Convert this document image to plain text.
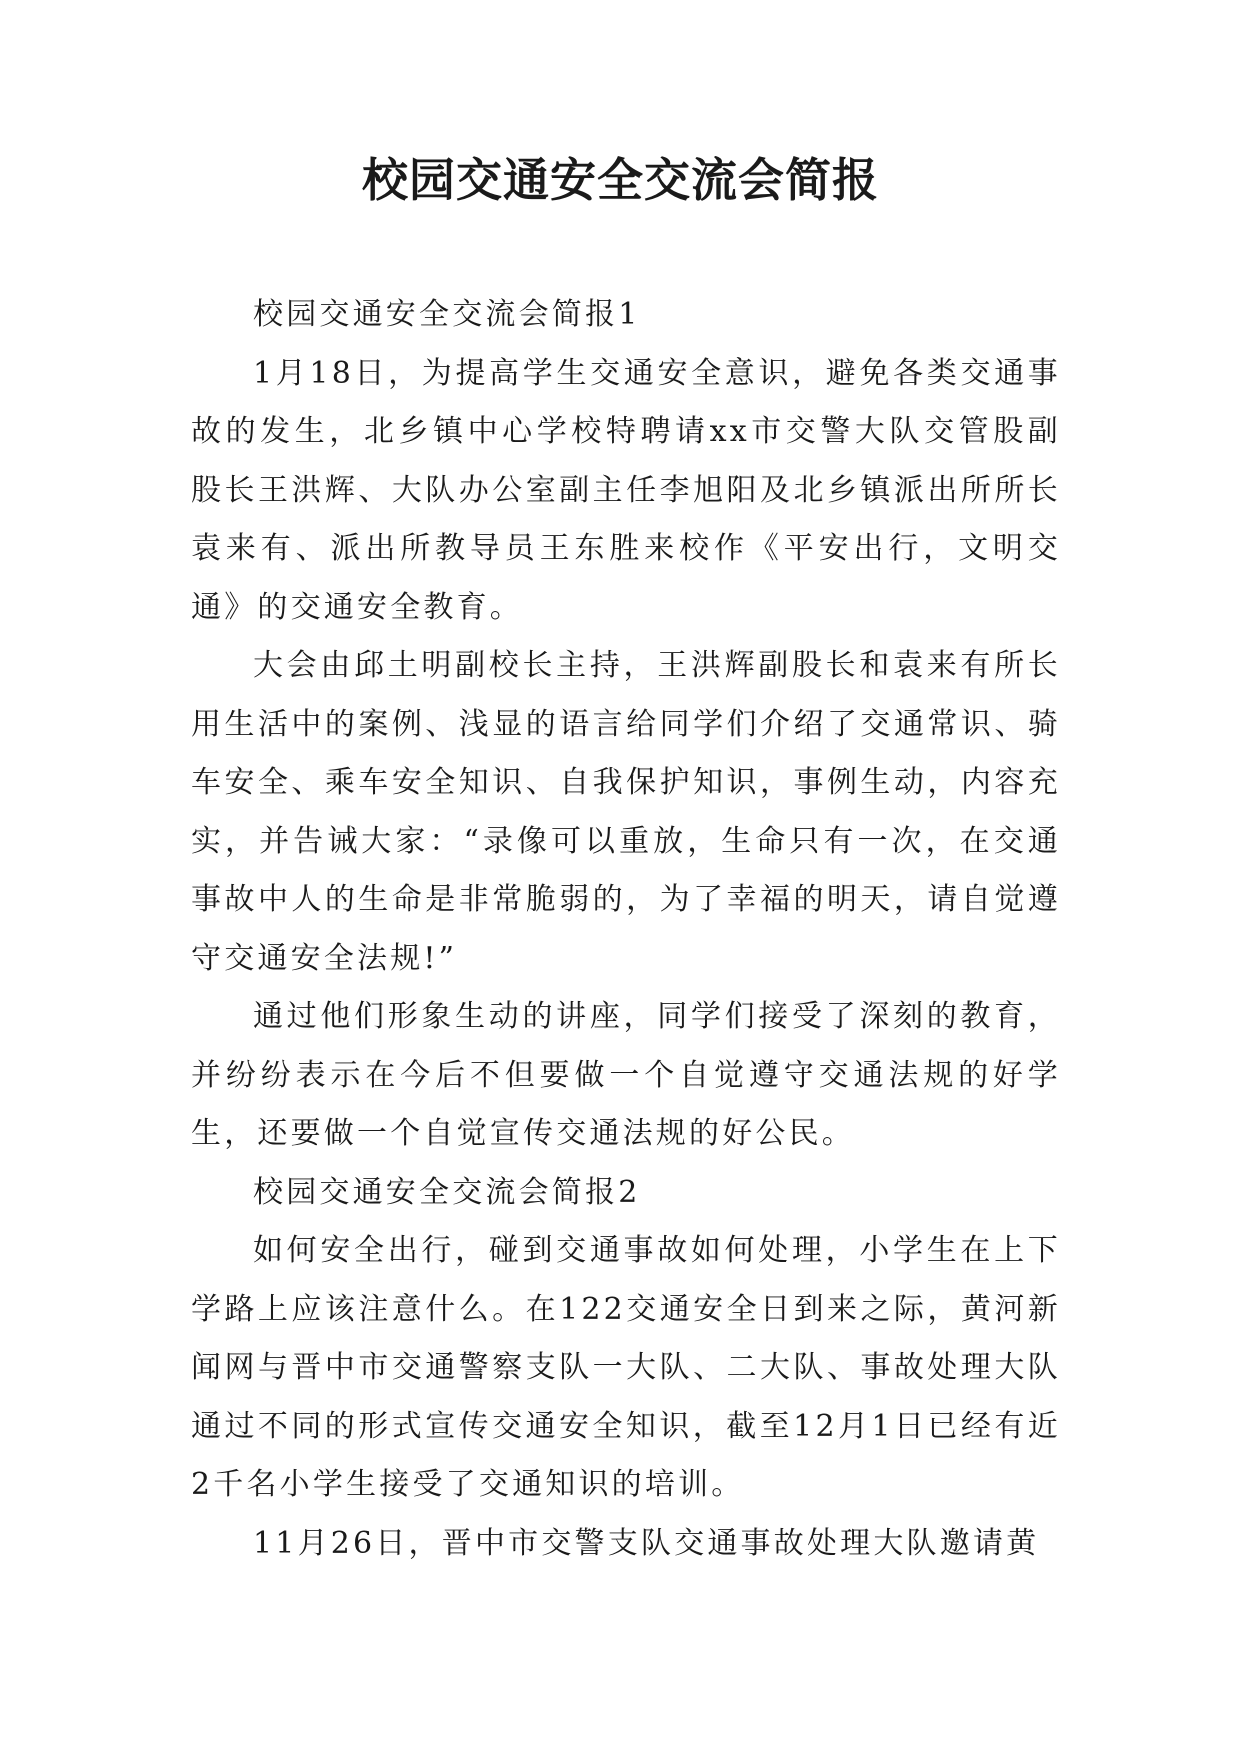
校园交通安全交流会简报

校园交通安全交流会简报1

1月18日，为提高学生交通安全意识，避免各类交通事故的发生，北乡镇中心学校特聘请xx市交警大队交管股副股长王洪辉、大队办公室副主任李旭阳及北乡镇派出所所长袁来有、派出所教导员王东胜来校作《平安出行，文明交通》的交通安全教育。

大会由邱土明副校长主持，王洪辉副股长和袁来有所长用生活中的案例、浅显的语言给同学们介绍了交通常识、骑车安全、乘车安全知识、自我保护知识，事例生动，内容充实，并告诫大家：“录像可以重放，生命只有一次，在交通事故中人的生命是非常脆弱的，为了幸福的明天，请自觉遵守交通安全法规!”

通过他们形象生动的讲座，同学们接受了深刻的教育，并纷纷表示在今后不但要做一个自觉遵守交通法规的好学生，还要做一个自觉宣传交通法规的好公民。

校园交通安全交流会简报2

如何安全出行，碰到交通事故如何处理，小学生在上下学路上应该注意什么。在122交通安全日到来之际，黄河新闻网与晋中市交通警察支队一大队、二大队、事故处理大队通过不同的形式宣传交通安全知识，截至12月1日已经有近2千名小学生接受了交通知识的培训。

11月26日，晋中市交警支队交通事故处理大队邀请黄
